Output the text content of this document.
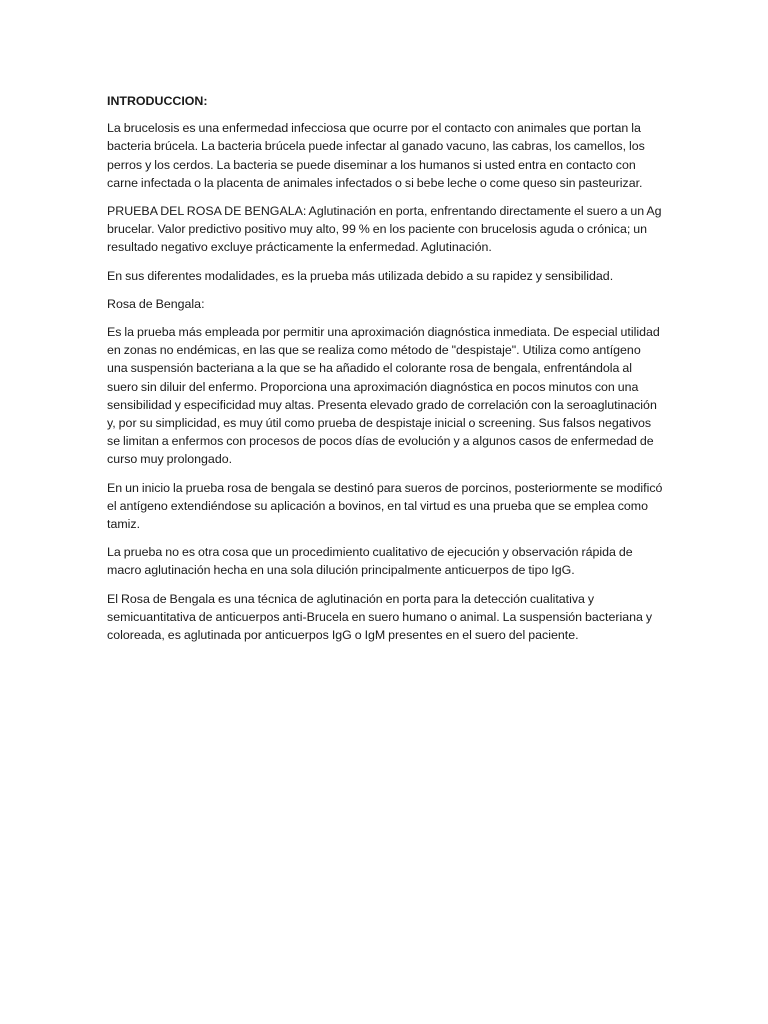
INTRODUCCION:

La brucelosis es una enfermedad infecciosa que ocurre por el contacto con animales que portan la bacteria brúcela. La bacteria brúcela puede infectar al ganado vacuno, las cabras, los camellos, los perros y los cerdos. La bacteria se puede diseminar a los humanos si usted entra en contacto con carne infectada o la placenta de animales infectados o si bebe leche o come queso sin pasteurizar.

PRUEBA DEL ROSA DE BENGALA: Aglutinación en porta, enfrentando directamente el suero a un Ag brucelar. Valor predictivo positivo muy alto, 99 % en los paciente con brucelosis aguda o crónica; un resultado negativo excluye prácticamente la enfermedad. Aglutinación.

En sus diferentes modalidades, es la prueba más utilizada debido a su rapidez y sensibilidad.

Rosa de Bengala:

Es la prueba más empleada por permitir una aproximación diagnóstica inmediata. De especial utilidad en zonas no endémicas, en las que se realiza como método de "despistaje". Utiliza como antígeno una suspensión bacteriana a la que se ha añadido el colorante rosa de bengala, enfrentándola al suero sin diluir del enfermo. Proporciona una aproximación diagnóstica en pocos minutos con una sensibilidad y especificidad muy altas. Presenta elevado grado de correlación con la seroaglutinación y, por su simplicidad, es muy útil como prueba de despistaje inicial o screening. Sus falsos negativos se limitan a enfermos con procesos de pocos días de evolución y a algunos casos de enfermedad de curso muy prolongado.

En un inicio la prueba rosa de bengala se destinó para sueros de porcinos, posteriormente se modificó el antígeno extendiéndose su aplicación a bovinos, en tal virtud es una prueba que se emplea como tamiz.

La prueba no es otra cosa que un procedimiento cualitativo de ejecución y observación rápida de macro aglutinación hecha en una sola dilución principalmente anticuerpos de tipo IgG.

El Rosa de Bengala es una técnica de aglutinación en porta para la detección cualitativa y semicuantitativa de anticuerpos anti-Brucela en suero humano o animal. La suspensión bacteriana y coloreada, es aglutinada por anticuerpos IgG o IgM presentes en el suero del paciente.
